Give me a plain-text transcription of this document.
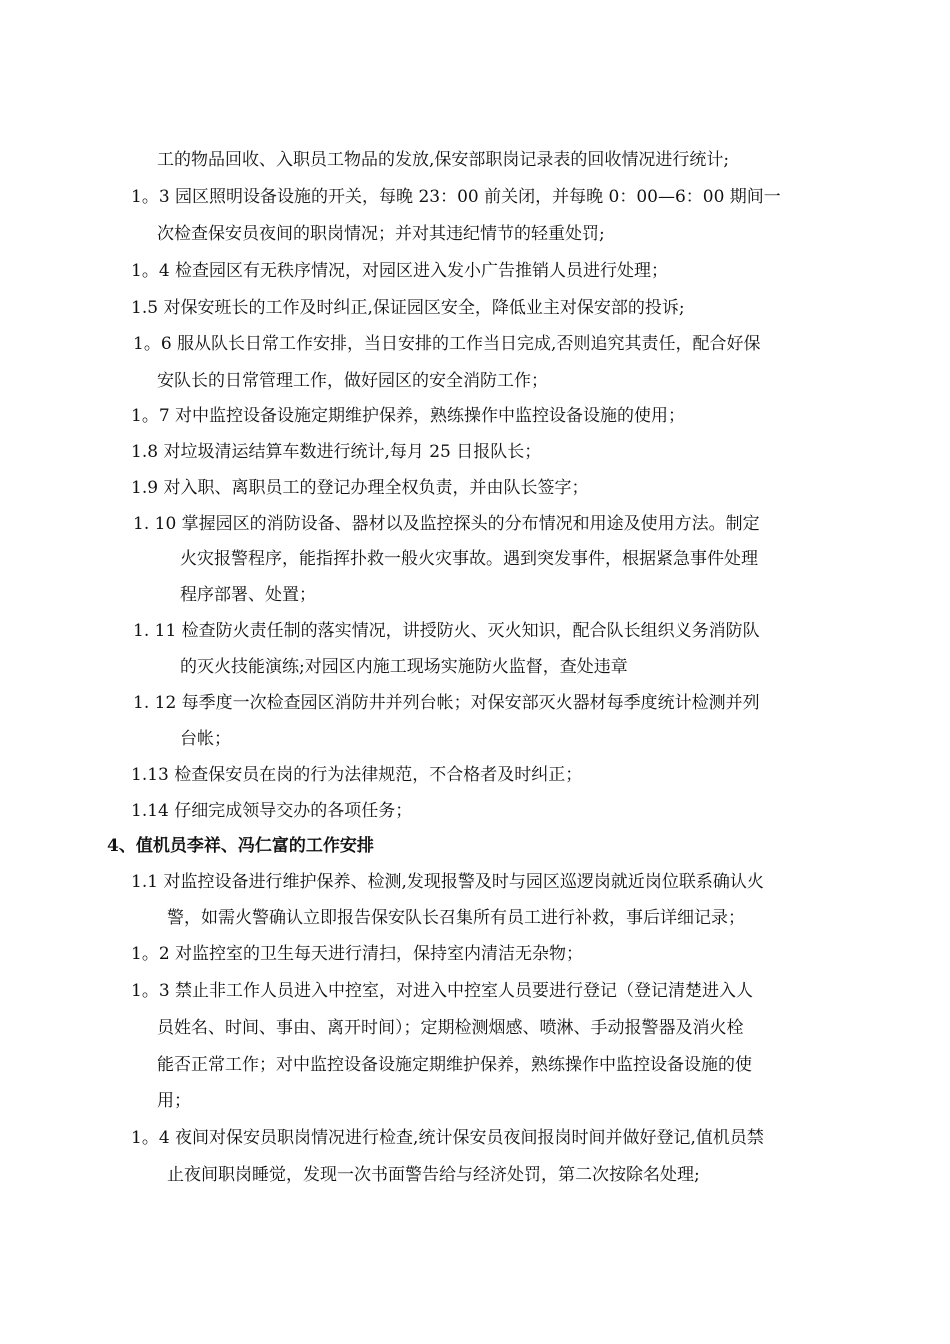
工的物品回收、入职员工物品的发放,保安部职岗记录表的回收情况进行统计;
1。3 园区照明设备设施的开关，每晚 23：00 前关闭，并每晚 0：00—6：00 期间一
次检查保安员夜间的职岗情况；并对其违纪情节的轻重处罚;
1。4 检查园区有无秩序情况，对园区进入发小广告推销人员进行处理；
1.5 对保安班长的工作及时纠正,保证园区安全，降低业主对保安部的投诉;
1。6 服从队长日常工作安排，当日安排的工作当日完成,否则追究其责任，配合好保
安队长的日常管理工作，做好园区的安全消防工作；
1。7 对中监控设备设施定期维护保养，熟练操作中监控设备设施的使用；
1.8 对垃圾清运结算车数进行统计,每月 25 日报队长；
1.9 对入职、离职员工的登记办理全权负责，并由队长签字；
1. 10 掌握园区的消防设备、器材以及监控探头的分布情况和用途及使用方法。制定
火灾报警程序，能指挥扑救一般火灾事故。遇到突发事件，根据紧急事件处理
程序部署、处置；
1. 11 检查防火责任制的落实情况，讲授防火、灭火知识，配合队长组织义务消防队
的灭火技能演练;对园区内施工现场实施防火监督，查处违章
1. 12 每季度一次检查园区消防井并列台帐；对保安部灭火器材每季度统计检测并列
台帐；
1.13 检查保安员在岗的行为法律规范，不合格者及时纠正；
1.14 仔细完成领导交办的各项任务；
4、值机员李祥、冯仁富的工作安排
1.1 对监控设备进行维护保养、检测,发现报警及时与园区巡逻岗就近岗位联系确认火
警，如需火警确认立即报告保安队长召集所有员工进行补救，事后详细记录；
1。2 对监控室的卫生每天进行清扫，保持室内清洁无杂物；
1。3 禁止非工作人员进入中控室，对进入中控室人员要进行登记（登记清楚进入人
员姓名、时间、事由、离开时间）；定期检测烟感、喷淋、手动报警器及消火栓
能否正常工作；对中监控设备设施定期维护保养，熟练操作中监控设备设施的使
用；
1。4 夜间对保安员职岗情况进行检查,统计保安员夜间报岗时间并做好登记,值机员禁
止夜间职岗睡觉，发现一次书面警告给与经济处罚，第二次按除名处理;
